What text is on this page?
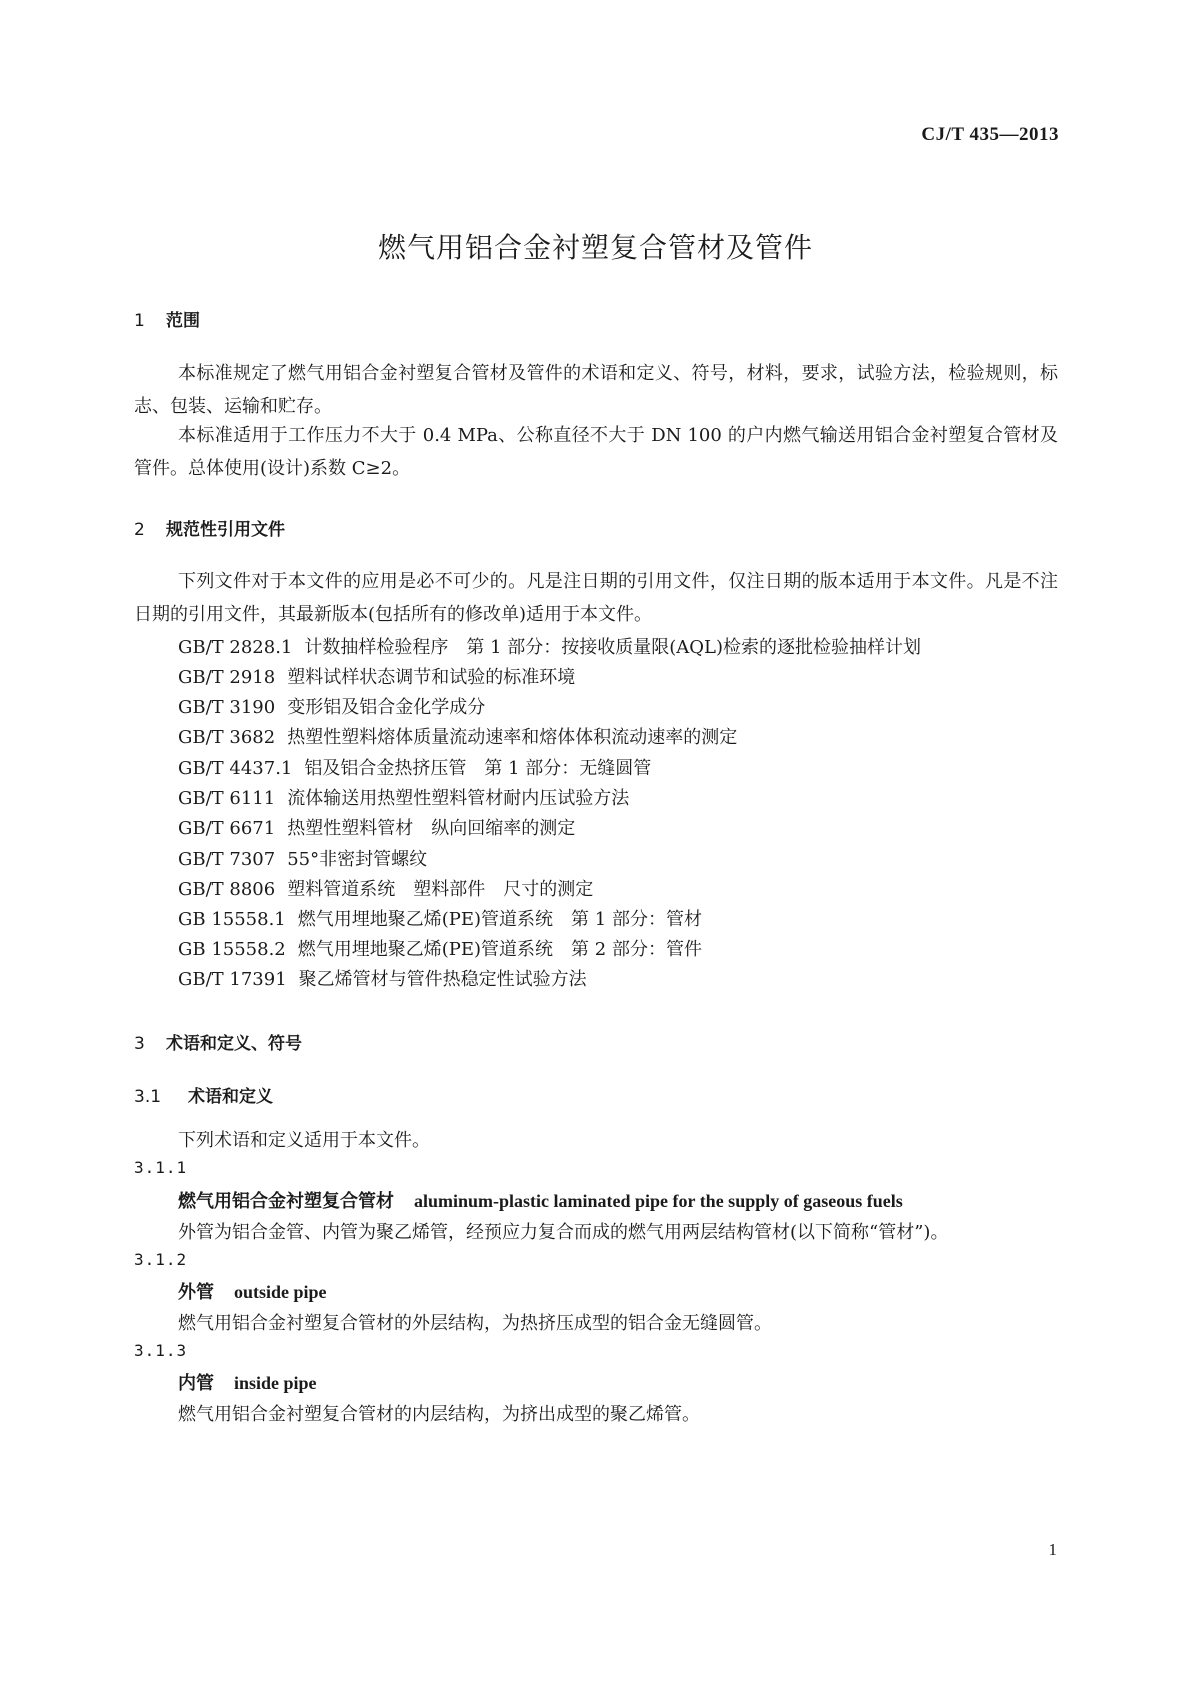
CJ/T 435—2013
燃气用铝合金衬塑复合管材及管件
1 范围

本标准规定了燃气用铝合金衬塑复合管材及管件的术语和定义、符号，材料，要求，试验方法，检验规则，标志、包装、运输和贮存。

本标准适用于工作压力不大于 0.4 MPa、公称直径不大于 DN 100 的户内燃气输送用铝合金衬塑复合管材及管件。总体使用(设计)系数 C≥2。

2 规范性引用文件

下列文件对于本文件的应用是必不可少的。凡是注日期的引用文件，仅注日期的版本适用于本文件。凡是不注日期的引用文件，其最新版本(包括所有的修改单)适用于本文件。

GB/T 2828.1 计数抽样检验程序　第 1 部分：按接收质量限(AQL)检索的逐批检验抽样计划
GB/T 2918 塑料试样状态调节和试验的标准环境
GB/T 3190 变形铝及铝合金化学成分
GB/T 3682 热塑性塑料熔体质量流动速率和熔体体积流动速率的测定
GB/T 4437.1 铝及铝合金热挤压管　第 1 部分：无缝圆管
GB/T 6111 流体输送用热塑性塑料管材耐内压试验方法
GB/T 6671 热塑性塑料管材　纵向回缩率的测定
GB/T 7307 55°非密封管螺纹
GB/T 8806 塑料管道系统　塑料部件　尺寸的测定
GB 15558.1 燃气用埋地聚乙烯(PE)管道系统　第 1 部分：管材
GB 15558.2 燃气用埋地聚乙烯(PE)管道系统　第 2 部分：管件
GB/T 17391 聚乙烯管材与管件热稳定性试验方法
3 术语和定义、符号
3.1 术语和定义
下列术语和定义适用于本文件。
3.1.1
燃气用铝合金衬塑复合管材 aluminum-plastic laminated pipe for the supply of gaseous fuels
外管为铝合金管、内管为聚乙烯管，经预应力复合而成的燃气用两层结构管材(以下简称“管材”)。
3.1.2
外管 outside pipe
燃气用铝合金衬塑复合管材的外层结构，为热挤压成型的铝合金无缝圆管。
3.1.3
内管 inside pipe
燃气用铝合金衬塑复合管材的内层结构，为挤出成型的聚乙烯管。
1
